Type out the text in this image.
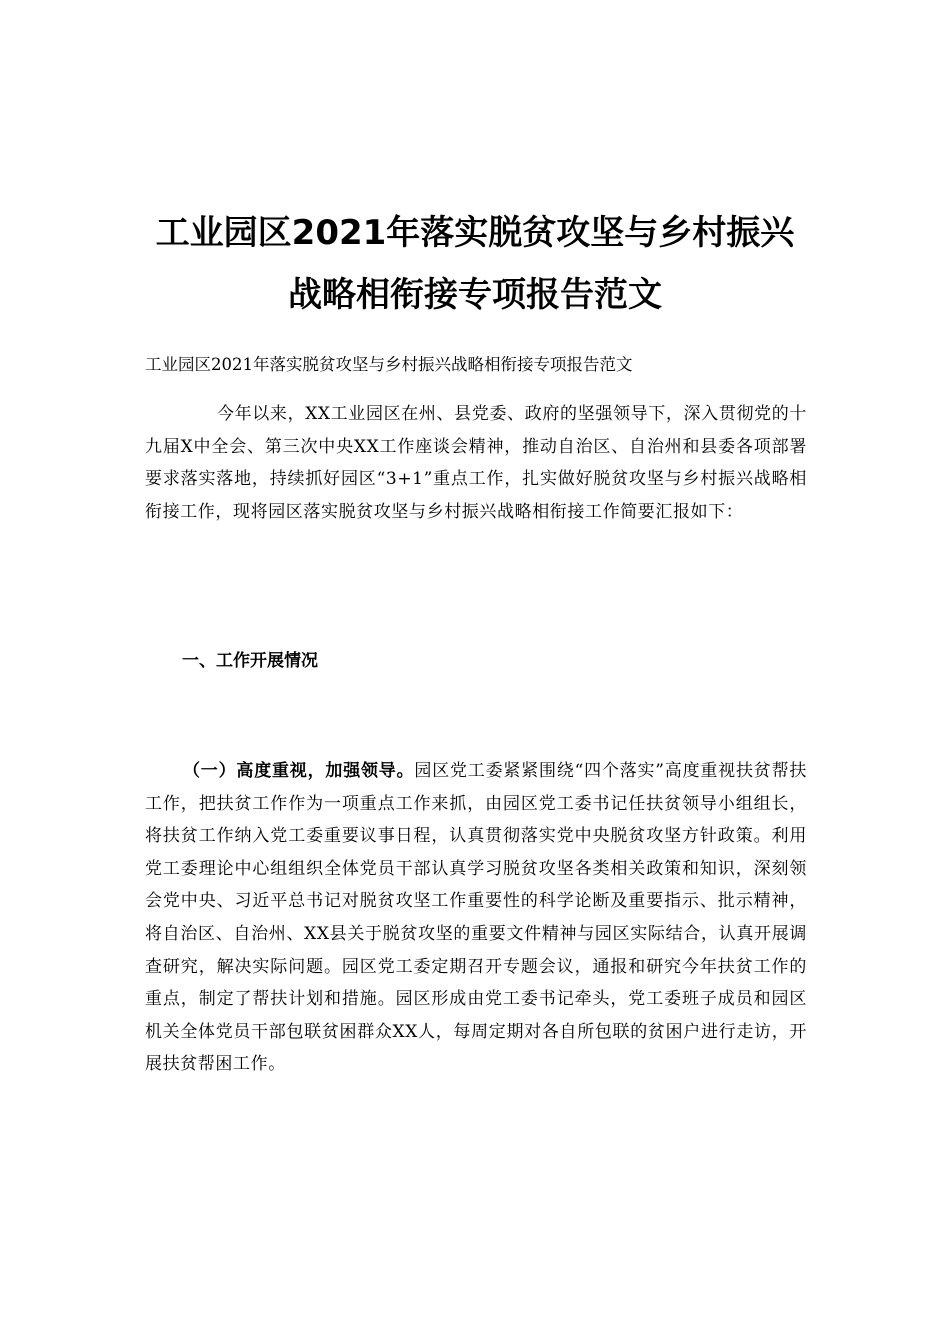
工业园区2021年落实脱贫攻坚与乡村振兴
战略相衔接专项报告范文
工业园区2021年落实脱贫攻坚与乡村振兴战略相衔接专项报告范文
今年以来，XX工业园区在州、县党委、政府的坚强领导下，深入贯彻党的十九届X中全会、第三次中央XX工作座谈会精神，推动自治区、自治州和县委各项部署要求落实落地，持续抓好园区“3+1”重点工作，扎实做好脱贫攻坚与乡村振兴战略相衔接工作，现将园区落实脱贫攻坚与乡村振兴战略相衔接工作简要汇报如下：
一、工作开展情况
（一）高度重视，加强领导。园区党工委紧紧围绕“四个落实”高度重视扶贫帮扶工作，把扶贫工作作为一项重点工作来抓，由园区党工委书记任扶贫领导小组组长，将扶贫工作纳入党工委重要议事日程，认真贯彻落实党中央脱贫攻坚方针政策。利用党工委理论中心组组织全体党员干部认真学习脱贫攻坚各类相关政策和知识，深刻领会党中央、习近平总书记对脱贫攻坚工作重要性的科学论断及重要指示、批示精神，将自治区、自治州、XX县关于脱贫攻坚的重要文件精神与园区实际结合，认真开展调查研究，解决实际问题。园区党工委定期召开专题会议，通报和研究今年扶贫工作的重点，制定了帮扶计划和措施。园区形成由党工委书记牵头，党工委班子成员和园区机关全体党员干部包联贫困群众XX人，每周定期对各自所包联的贫困户进行走访，开展扶贫帮困工作。
